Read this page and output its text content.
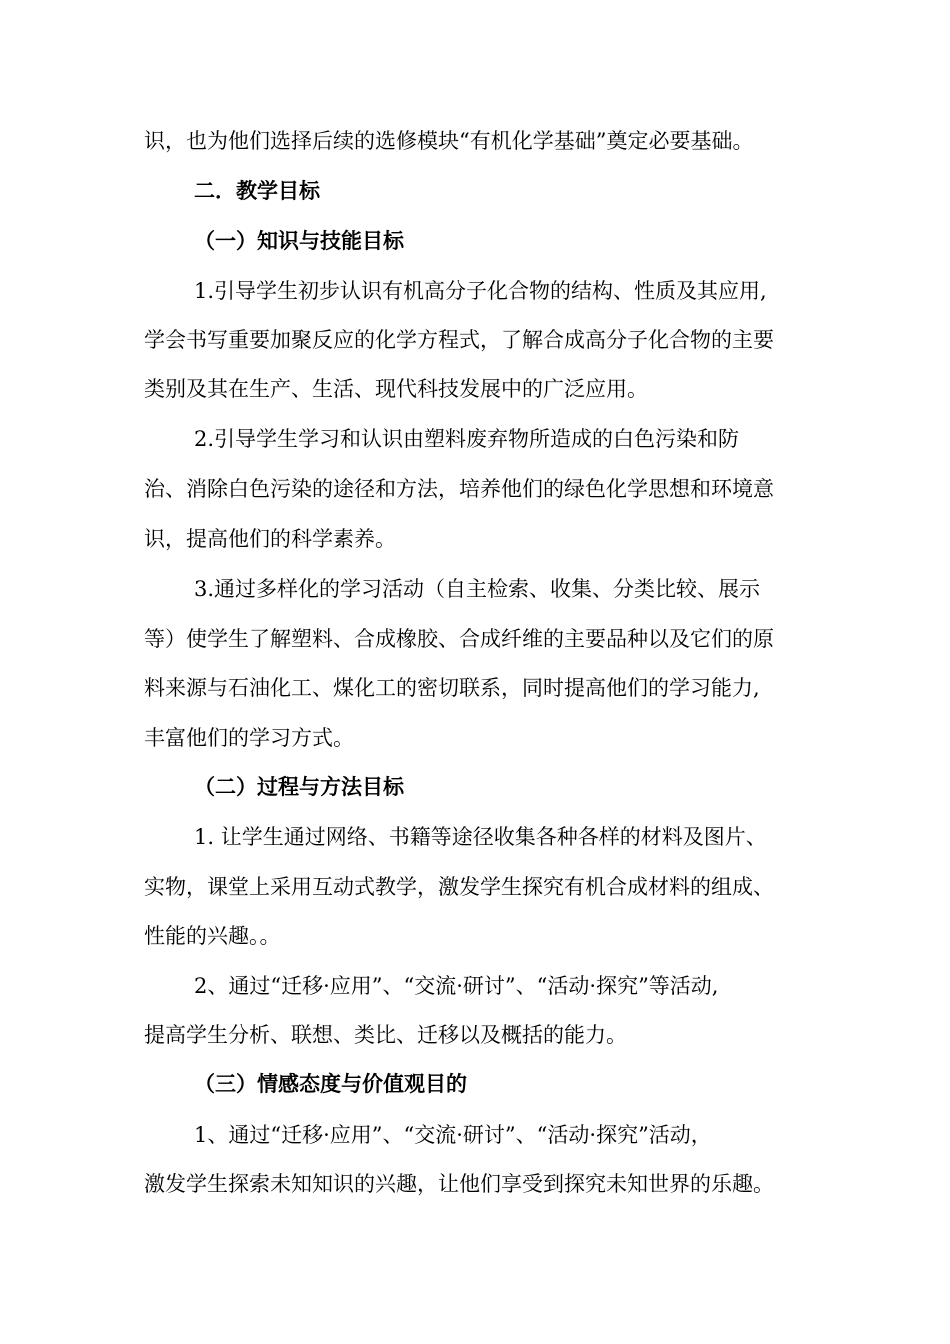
识，也为他们选择后续的选修模块“有机化学基础”奠定必要基础。
二．教学目标
（一）知识与技能目标
1.引导学生初步认识有机高分子化合物的结构、性质及其应用,
学会书写重要加聚反应的化学方程式，了解合成高分子化合物的主要
类别及其在生产、生活、现代科技发展中的广泛应用。
2.引导学生学习和认识由塑料废弃物所造成的白色污染和防
治、消除白色污染的途径和方法，培养他们的绿色化学思想和环境意
识，提高他们的科学素养。
3.通过多样化的学习活动（自主检索、收集、分类比较、展示
等）使学生了解塑料、合成橡胶、合成纤维的主要品种以及它们的原
料来源与石油化工、煤化工的密切联系，同时提高他们的学习能力,
丰富他们的学习方式。
（二）过程与方法目标
1. 让学生通过网络、书籍等途径收集各种各样的材料及图片、
实物，课堂上采用互动式教学，激发学生探究有机合成材料的组成、
性能的兴趣。。
2、通过“迁移·应用”、“交流·研讨”、“活动·探究”等活动,
提高学生分析、联想、类比、迁移以及概括的能力。
（三）情感态度与价值观目的
1、通过“迁移·应用”、“交流·研讨”、“活动·探究”活动，
激发学生探索未知知识的兴趣，让他们享受到探究未知世界的乐趣。
